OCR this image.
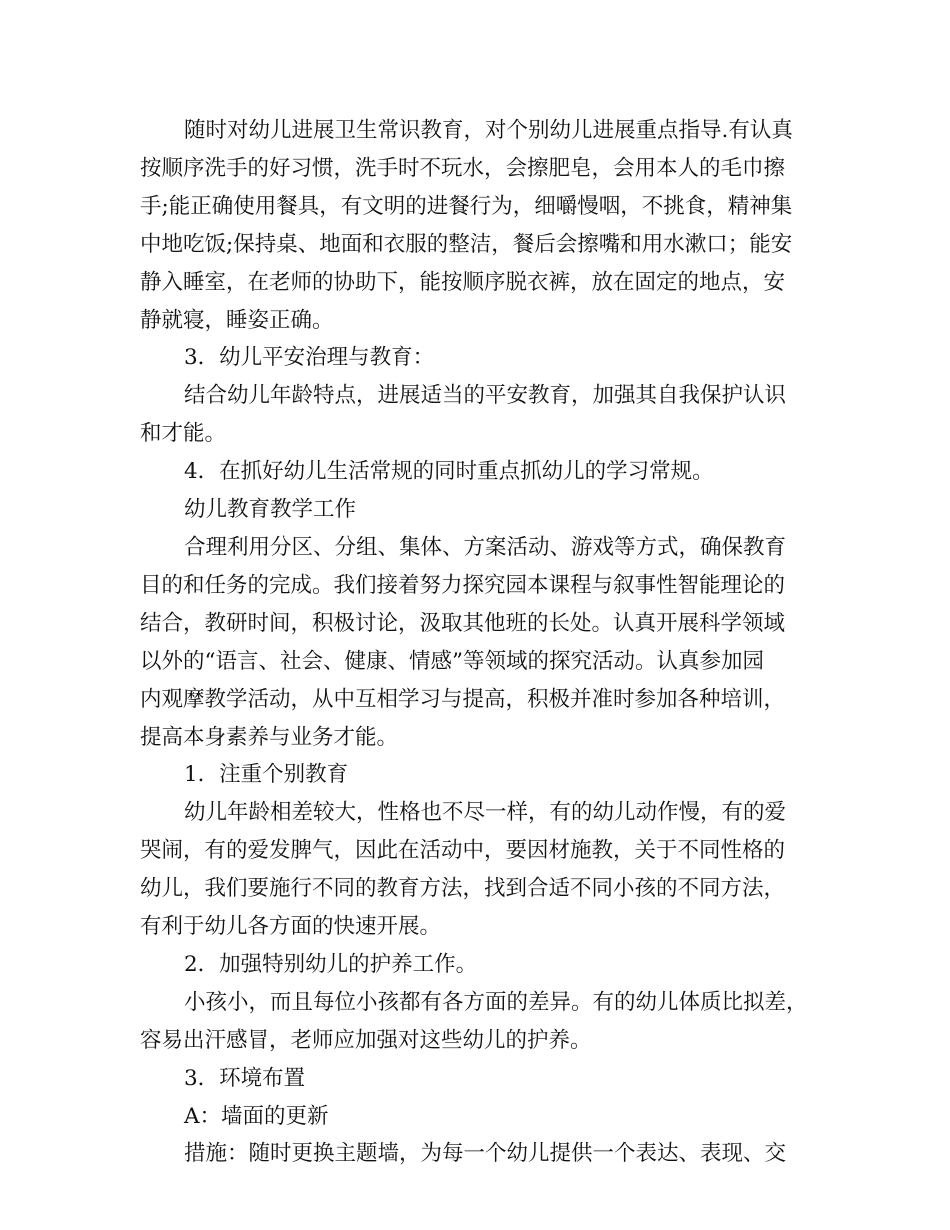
随时对幼儿进展卫生常识教育，对个别幼儿进展重点指导.有认真

按顺序洗手的好习惯，洗手时不玩水，会擦肥皂，会用本人的毛巾擦

手;能正确使用餐具，有文明的进餐行为，细嚼慢咽，不挑食，精神集

中地吃饭;保持桌、地面和衣服的整洁，餐后会擦嘴和用水漱口；能安

静入睡室，在老师的协助下，能按顺序脱衣裤，放在固定的地点，安

静就寝，睡姿正确。

3．幼儿平安治理与教育：

结合幼儿年龄特点，进展适当的平安教育，加强其自我保护认识

和才能。

4．在抓好幼儿生活常规的同时重点抓幼儿的学习常规。

幼儿教育教学工作

合理利用分区、分组、集体、方案活动、游戏等方式，确保教育

目的和任务的完成。我们接着努力探究园本课程与叙事性智能理论的

结合，教研时间，积极讨论，汲取其他班的长处。认真开展科学领域

以外的“语言、社会、健康、情感”等领域的探究活动。认真参加园

内观摩教学活动，从中互相学习与提高，积极并准时参加各种培训，

提高本身素养与业务才能。

1．注重个别教育

幼儿年龄相差较大，性格也不尽一样，有的幼儿动作慢，有的爱

哭闹，有的爱发脾气，因此在活动中，要因材施教，关于不同性格的

幼儿，我们要施行不同的教育方法，找到合适不同小孩的不同方法，

有利于幼儿各方面的快速开展。

2．加强特别幼儿的护养工作。

小孩小，而且每位小孩都有各方面的差异。有的幼儿体质比拟差，

容易出汗感冒，老师应加强对这些幼儿的护养。

3．环境布置

A：墙面的更新

措施：随时更换主题墙，为每一个幼儿提供一个表达、表现、交
